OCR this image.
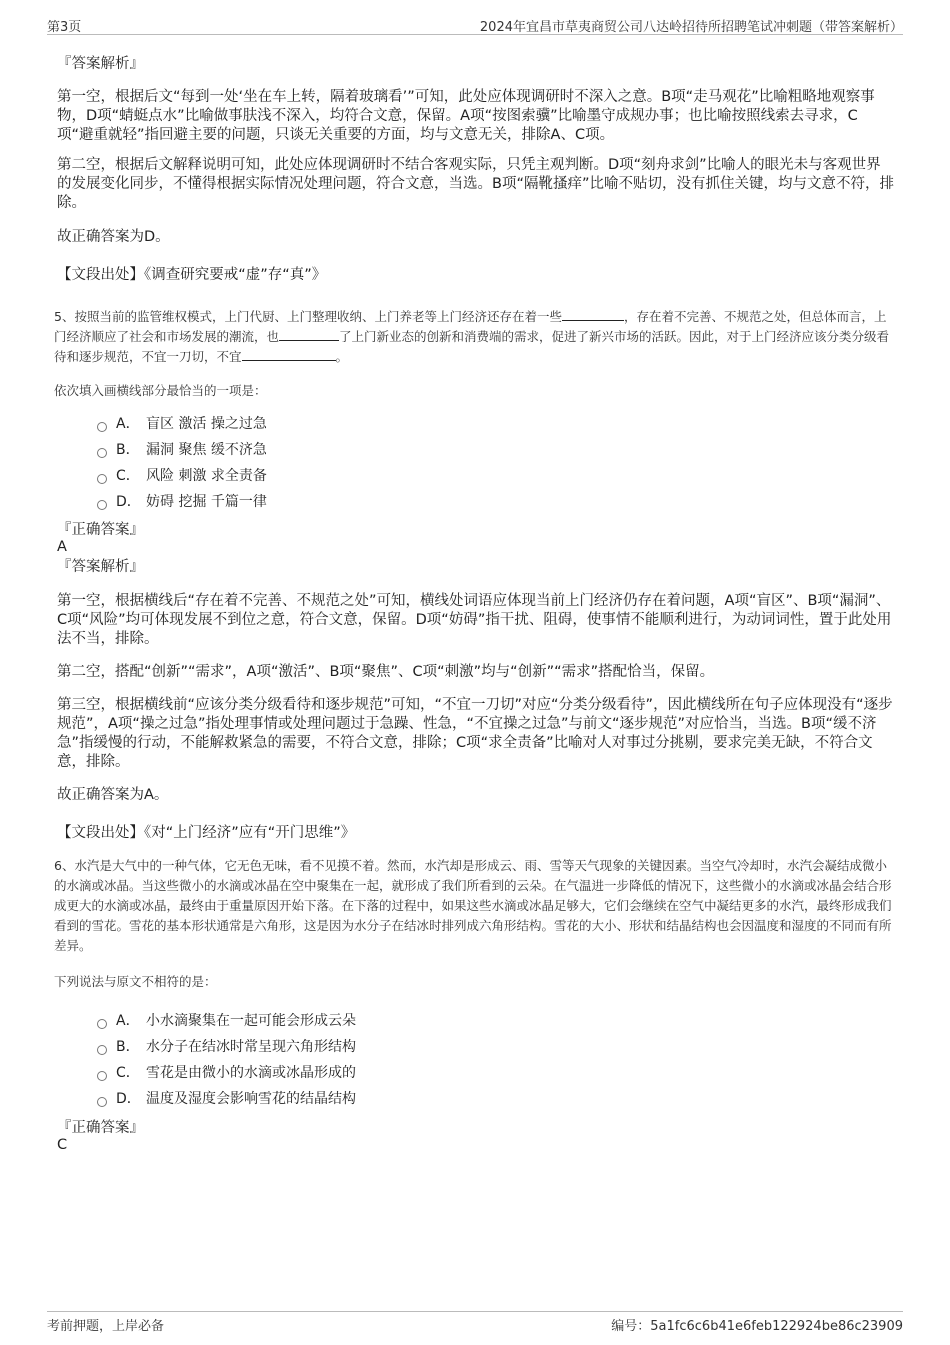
第3页	2024年宜昌市草夷商贸公司八达岭招待所招聘笔试冲刺题（带答案解析）

『答案解析』

第一空，根据后文“每到一处‘坐在车上转，隔着玻璃看’”可知，此处应体现调研时不深入之意。B项“走马观花”比喻粗略地观察事物，D项“蜻蜓点水”比喻做事肤浅不深入，均符合文意，保留。A项“按图索骥”比喻墨守成规办事；也比喻按照线索去寻求，C项“避重就轻”指回避主要的问题，只谈无关重要的方面，均与文意无关，排除A、C项。

第二空，根据后文解释说明可知，此处应体现调研时不结合客观实际，只凭主观判断。D项“刻舟求剑”比喻人的眼光未与客观世界的发展变化同步，不懂得根据实际情况处理问题，符合文意，当选。B项“隔靴搔痒”比喻不贴切，没有抓住关键，均与文意不符，排除。

故正确答案为D。

【文段出处】《调查研究要戒“虚”存“真”》

5、按照当前的监管维权模式，上门代厨、上门整理收纳、上门养老等上门经济还存在着一些	，存在着不完善、不规范之处，但总体而言，上门经济顺应了社会和市场发展的潮流，也	了上门新业态的创新和消费端的需求，促进了新兴市场的活跃。因此，对于上门经济应该分类分级看待和逐步规范，不宜一刀切，不宜	。

依次填入画横线部分最恰当的一项是：

A． 盲区 激活 操之过急
B． 漏洞 聚焦 缓不济急
C． 风险 刺激 求全责备
D． 妨碍 挖掘 千篇一律

『正确答案』

A

『答案解析』

第一空，根据横线后“存在着不完善、不规范之处”可知，横线处词语应体现当前上门经济仍存在着问题，A项“盲区”、B项“漏洞”、C项“风险”均可体现发展不到位之意，符合文意，保留。D项“妨碍”指干扰、阻碍，使事情不能顺利进行，为动词词性，置于此处用法不当，排除。

第二空，搭配“创新”“需求”，A项“激活”、B项“聚焦”、C项“刺激”均与“创新”“需求”搭配恰当，保留。

第三空，根据横线前“应该分类分级看待和逐步规范”可知，“不宜一刀切”对应“分类分级看待”，因此横线所在句子应体现没有“逐步规范”，A项“操之过急”指处理事情或处理问题过于急躁、性急，“不宜操之过急”与前文“逐步规范”对应恰当，当选。B项“缓不济急”指缓慢的行动，不能解救紧急的需要，不符合文意，排除；C项“求全责备”比喻对人对事过分挑剔，要求完美无缺，不符合文意，排除。

故正确答案为A。

【文段出处】《对“上门经济”应有“开门思维”》

6、水汽是大气中的一种气体，它无色无味，看不见摸不着。然而，水汽却是形成云、雨、雪等天气现象的关键因素。当空气冷却时，水汽会凝结成微小的水滴或冰晶。当这些微小的水滴或冰晶在空中聚集在一起，就形成了我们所看到的云朵。在气温进一步降低的情况下，这些微小的水滴或冰晶会结合形成更大的水滴或冰晶，最终由于重量原因开始下落。在下落的过程中，如果这些水滴或冰晶足够大，它们会继续在空气中凝结更多的水汽，最终形成我们看到的雪花。雪花的基本形状通常是六角形，这是因为水分子在结冰时排列成六角形结构。雪花的大小、形状和结晶结构也会因温度和湿度的不同而有所差异。

下列说法与原文不相符的是：

A． 小水滴聚集在一起可能会形成云朵
B． 水分子在结冰时常呈现六角形结构
C． 雪花是由微小的水滴或冰晶形成的
D． 温度及湿度会影响雪花的结晶结构

『正确答案』

C

考前押题，上岸必备	编号：5a1fc6c6b41e6feb122924be86c23909
